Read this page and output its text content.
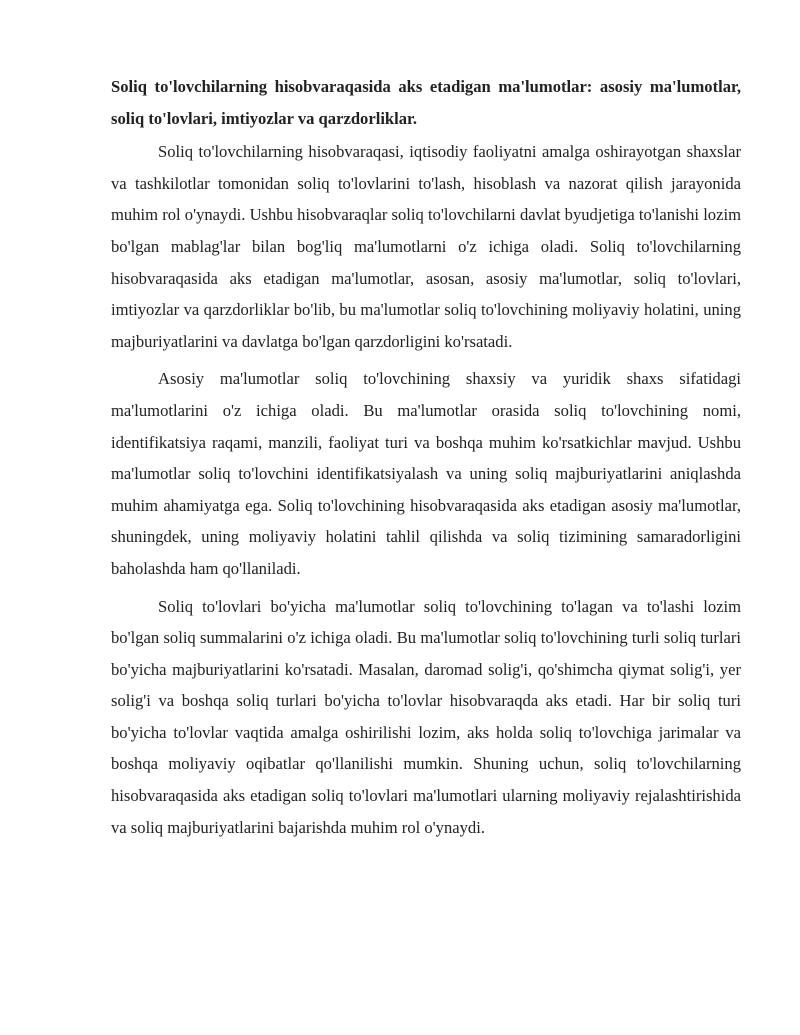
Soliq to'lovchilarning hisobvaraqasida aks etadigan ma'lumotlar: asosiy ma'lumotlar, soliq to'lovlari, imtiyozlar va qarzdorliklar.

Soliq to'lovchilarning hisobvaraqasi, iqtisodiy faoliyatni amalga oshirayotgan shaxslar va tashkilotlar tomonidan soliq to'lovlarini to'lash, hisoblash va nazorat qilish jarayonida muhim rol o'ynaydi. Ushbu hisobvaraqlar soliq to'lovchilarni davlat byudjetiga to'lanishi lozim bo'lgan mablag'lar bilan bog'liq ma'lumotlarni o'z ichiga oladi. Soliq to'lovchilarning hisobvaraqasida aks etadigan ma'lumotlar, asosan, asosiy ma'lumotlar, soliq to'lovlari, imtiyozlar va qarzdorliklar bo'lib, bu ma'lumotlar soliq to'lovchining moliyaviy holatini, uning majburiyatlarini va davlatga bo'lgan qarzdorligini ko'rsatadi.

Asosiy ma'lumotlar soliq to'lovchining shaxsiy va yuridik shaxs sifatidagi ma'lumotlarini o'z ichiga oladi. Bu ma'lumotlar orasida soliq to'lovchining nomi, identifikatsiya raqami, manzili, faoliyat turi va boshqa muhim ko'rsatkichlar mavjud. Ushbu ma'lumotlar soliq to'lovchini identifikatsiyalash va uning soliq majburiyatlarini aniqlashda muhim ahamiyatga ega. Soliq to'lovchining hisobvaraqasida aks etadigan asosiy ma'lumotlar, shuningdek, uning moliyaviy holatini tahlil qilishda va soliq tizimining samaradorligini baholashda ham qo'llaniladi.

Soliq to'lovlari bo'yicha ma'lumotlar soliq to'lovchining to'lagan va to'lashi lozim bo'lgan soliq summalarini o'z ichiga oladi. Bu ma'lumotlar soliq to'lovchining turli soliq turlari bo'yicha majburiyatlarini ko'rsatadi. Masalan, daromad solig'i, qo'shimcha qiymat solig'i, yer solig'i va boshqa soliq turlari bo'yicha to'lovlar hisobvaraqda aks etadi. Har bir soliq turi bo'yicha to'lovlar vaqtida amalga oshirilishi lozim, aks holda soliq to'lovchiga jarimalar va boshqa moliyaviy oqibatlar qo'llanilishi mumkin. Shuning uchun, soliq to'lovchilarning hisobvaraqasida aks etadigan soliq to'lovlari ma'lumotlari ularning moliyaviy rejalashtirishida va soliq majburiyatlarini bajarishda muhim rol o'ynaydi.
